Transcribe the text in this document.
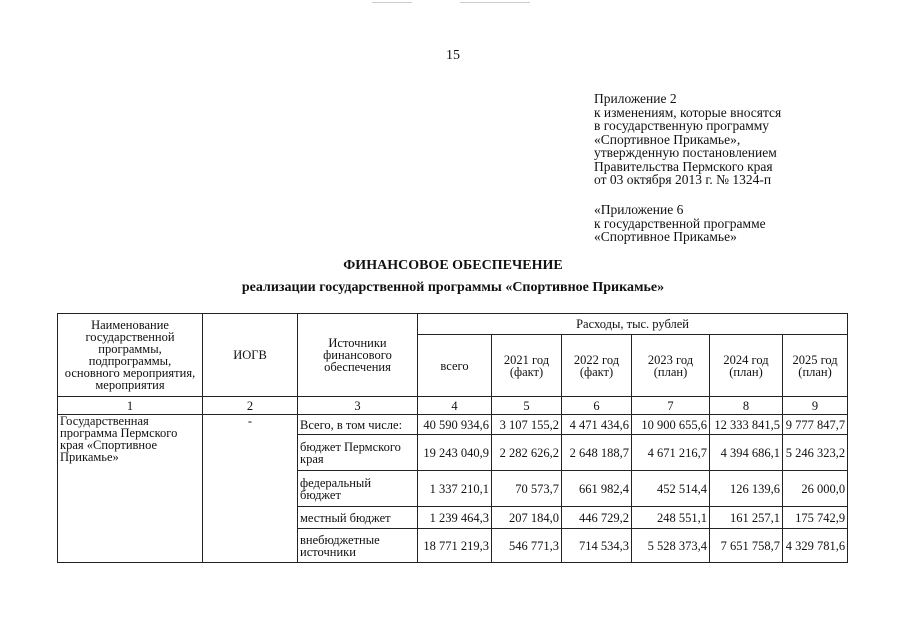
15
Приложение 2
к изменениям, которые вносятся
в государственную программу
«Спортивное Прикамье»,
утвержденную постановлением
Правительства Пермского края
от 03 октября 2013 г. № 1324-п
«Приложение 6
к государственной программе
«Спортивное Прикамье»
ФИНАНСОВОЕ ОБЕСПЕЧЕНИЕ
реализации государственной программы «Спортивное Прикамье»
Наименование государственной программы, подпрограммы, основного мероприятия, мероприятия	ИОГВ	Источники финансового обеспечения	Расходы, тыс. рублей					
			всего	2021 год (факт)	2022 год (факт)	2023 год (план)	2024 год (план)	2025 год (план)
1	2	3	4	5	6	7	8	9
Государственная программа Пермского края «Спортивное Прикамье»	-	Всего, в том числе:	40 590 934,6	3 107 155,2	4 471 434,6	10 900 655,6	12 333 841,5	9 777 847,7
		бюджет Пермского края	19 243 040,9	2 282 626,2	2 648 188,7	4 671 216,7	4 394 686,1	5 246 323,2
		федеральный бюджет	1 337 210,1	70 573,7	661 982,4	452 514,4	126 139,6	26 000,0
		местный бюджет	1 239 464,3	207 184,0	446 729,2	248 551,1	161 257,1	175 742,9
		внебюджетные источники	18 771 219,3	546 771,3	714 534,3	5 528 373,4	7 651 758,7	4 329 781,6
